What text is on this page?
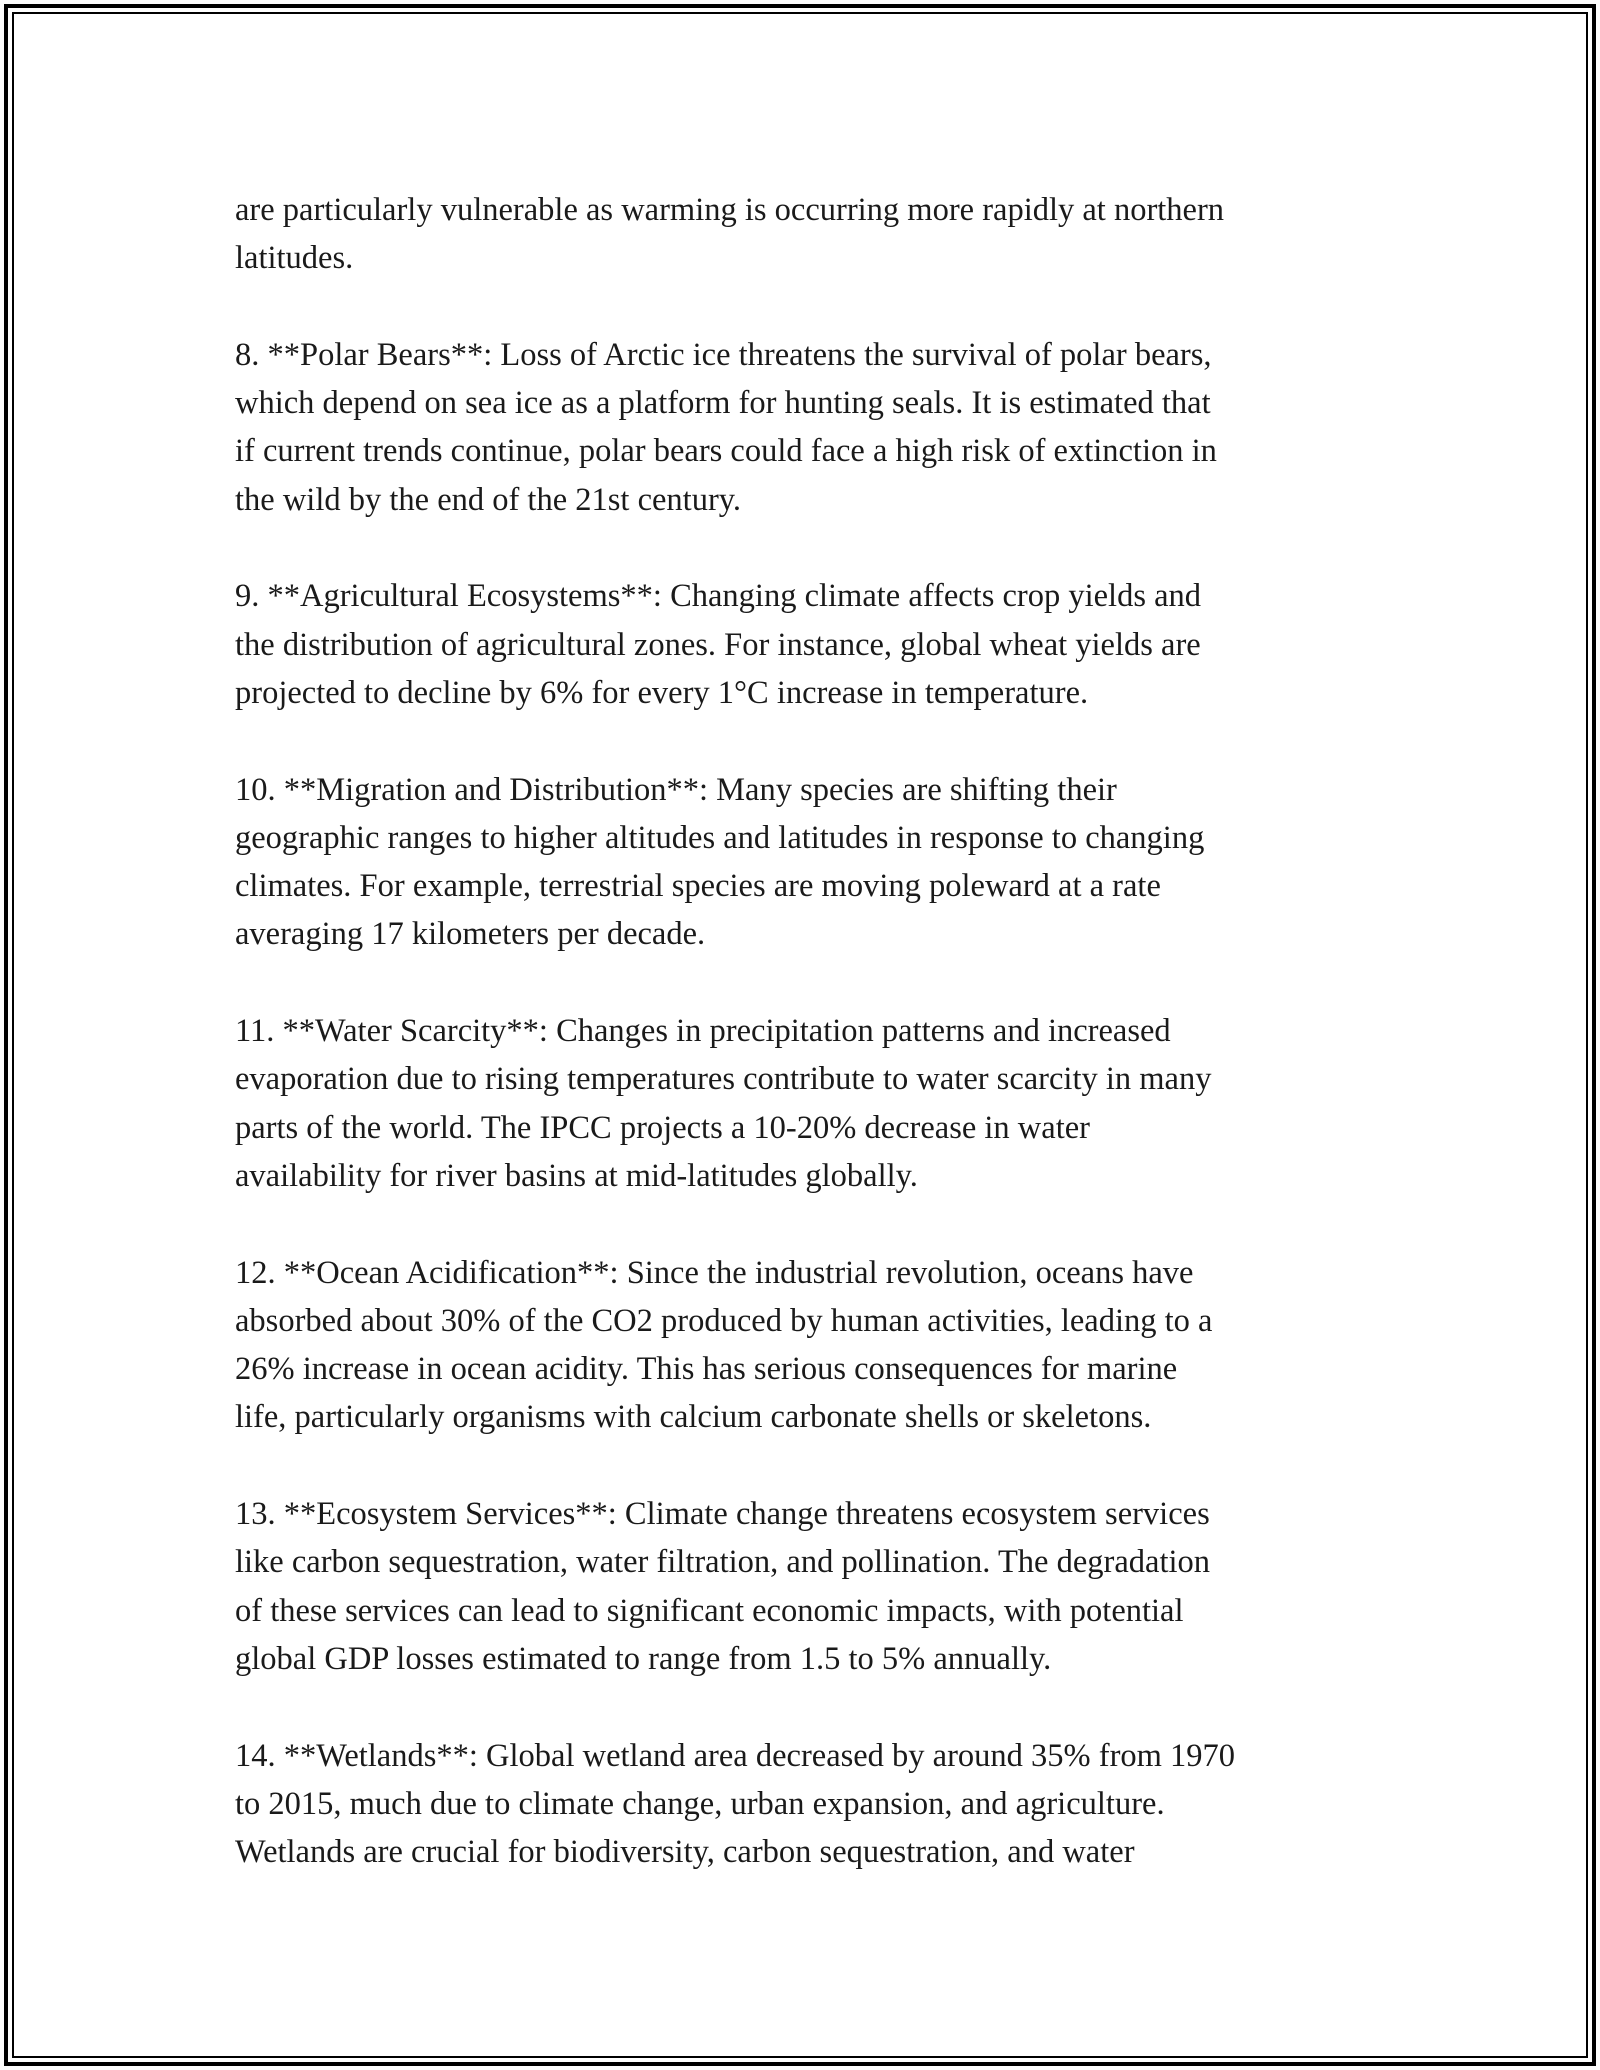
are particularly vulnerable as warming is occurring more rapidly at northern
latitudes.

8. **Polar Bears**: Loss of Arctic ice threatens the survival of polar bears,
which depend on sea ice as a platform for hunting seals. It is estimated that
if current trends continue, polar bears could face a high risk of extinction in
the wild by the end of the 21st century.

9. **Agricultural Ecosystems**: Changing climate affects crop yields and
the distribution of agricultural zones. For instance, global wheat yields are
projected to decline by 6% for every 1°C increase in temperature.

10. **Migration and Distribution**: Many species are shifting their
geographic ranges to higher altitudes and latitudes in response to changing
climates. For example, terrestrial species are moving poleward at a rate
averaging 17 kilometers per decade.

11. **Water Scarcity**: Changes in precipitation patterns and increased
evaporation due to rising temperatures contribute to water scarcity in many
parts of the world. The IPCC projects a 10-20% decrease in water
availability for river basins at mid-latitudes globally.

12. **Ocean Acidification**: Since the industrial revolution, oceans have
absorbed about 30% of the CO2 produced by human activities, leading to a
26% increase in ocean acidity. This has serious consequences for marine
life, particularly organisms with calcium carbonate shells or skeletons.

13. **Ecosystem Services**: Climate change threatens ecosystem services
like carbon sequestration, water filtration, and pollination. The degradation
of these services can lead to significant economic impacts, with potential
global GDP losses estimated to range from 1.5 to 5% annually.

14. **Wetlands**: Global wetland area decreased by around 35% from 1970
to 2015, much due to climate change, urban expansion, and agriculture.
Wetlands are crucial for biodiversity, carbon sequestration, and water
